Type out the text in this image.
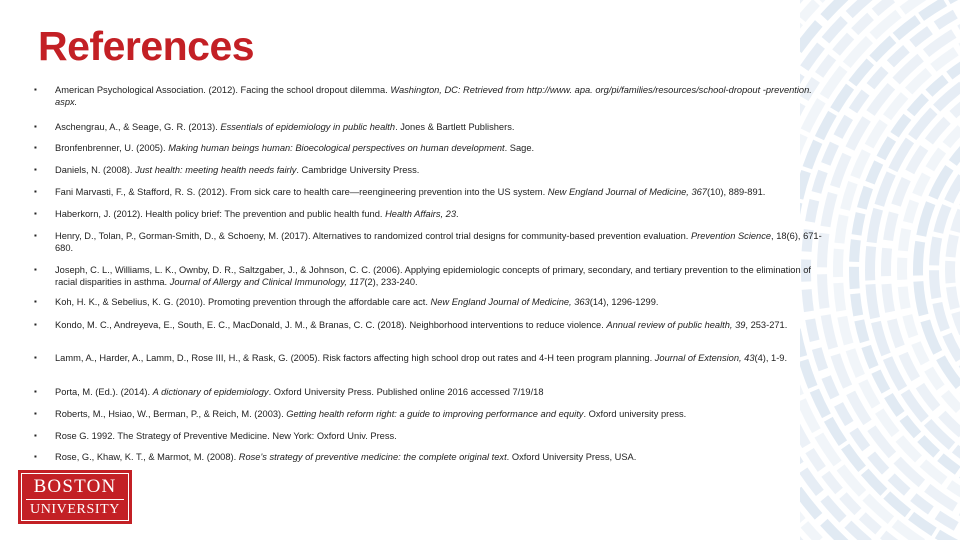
References
▪	American Psychological Association. (2012). Facing the school dropout dilemma. Washington, DC: Retrieved from http://www. apa. org/pi/families/resources/school-dropout -prevention. aspx.
▪	Aschengrau, A., & Seage, G. R. (2013). Essentials of epidemiology in public health. Jones & Bartlett Publishers.
▪	Bronfenbrenner, U. (2005). Making human beings human: Bioecological perspectives on human development. Sage.
▪	Daniels, N. (2008). Just health: meeting health needs fairly. Cambridge University Press.
▪	Fani Marvasti, F., & Stafford, R. S. (2012). From sick care to health care—reengineering prevention into the US system. New England Journal of Medicine, 367(10), 889-891.
▪	Haberkorn, J. (2012). Health policy brief: The prevention and public health fund. Health Affairs, 23.
▪	Henry, D., Tolan, P., Gorman-Smith, D., & Schoeny, M. (2017). Alternatives to randomized control trial designs for community-based prevention evaluation. Prevention Science, 18(6), 671-680.
▪	Joseph, C. L., Williams, L. K., Ownby, D. R., Saltzgaber, J., & Johnson, C. C. (2006). Applying epidemiologic concepts of primary, secondary, and tertiary prevention to the elimination of racial disparities in asthma. Journal of Allergy and Clinical Immunology, 117(2), 233-240.
▪	Koh, H. K., & Sebelius, K. G. (2010). Promoting prevention through the affordable care act. New England Journal of Medicine, 363(14), 1296-1299.
▪	Kondo, M. C., Andreyeva, E., South, E. C., MacDonald, J. M., & Branas, C. C. (2018). Neighborhood interventions to reduce violence. Annual review of public health, 39, 253-271.
▪	Lamm, A., Harder, A., Lamm, D., Rose III, H., & Rask, G. (2005). Risk factors affecting high school drop out rates and 4-H teen program planning. Journal of Extension, 43(4), 1-9.
▪	Porta, M. (Ed.). (2014). A dictionary of epidemiology. Oxford University Press. Published online 2016 accessed 7/19/18
▪	Roberts, M., Hsiao, W., Berman, P., & Reich, M. (2003). Getting health reform right: a guide to improving performance and equity. Oxford university press.
▪	Rose G. 1992. The Strategy of Preventive Medicine. New York: Oxford Univ. Press.
▪	Rose, G., Khaw, K. T., & Marmot, M. (2008). Rose's strategy of preventive medicine: the complete original text. Oxford University Press, USA.
BOSTON
UNIVERSITY
